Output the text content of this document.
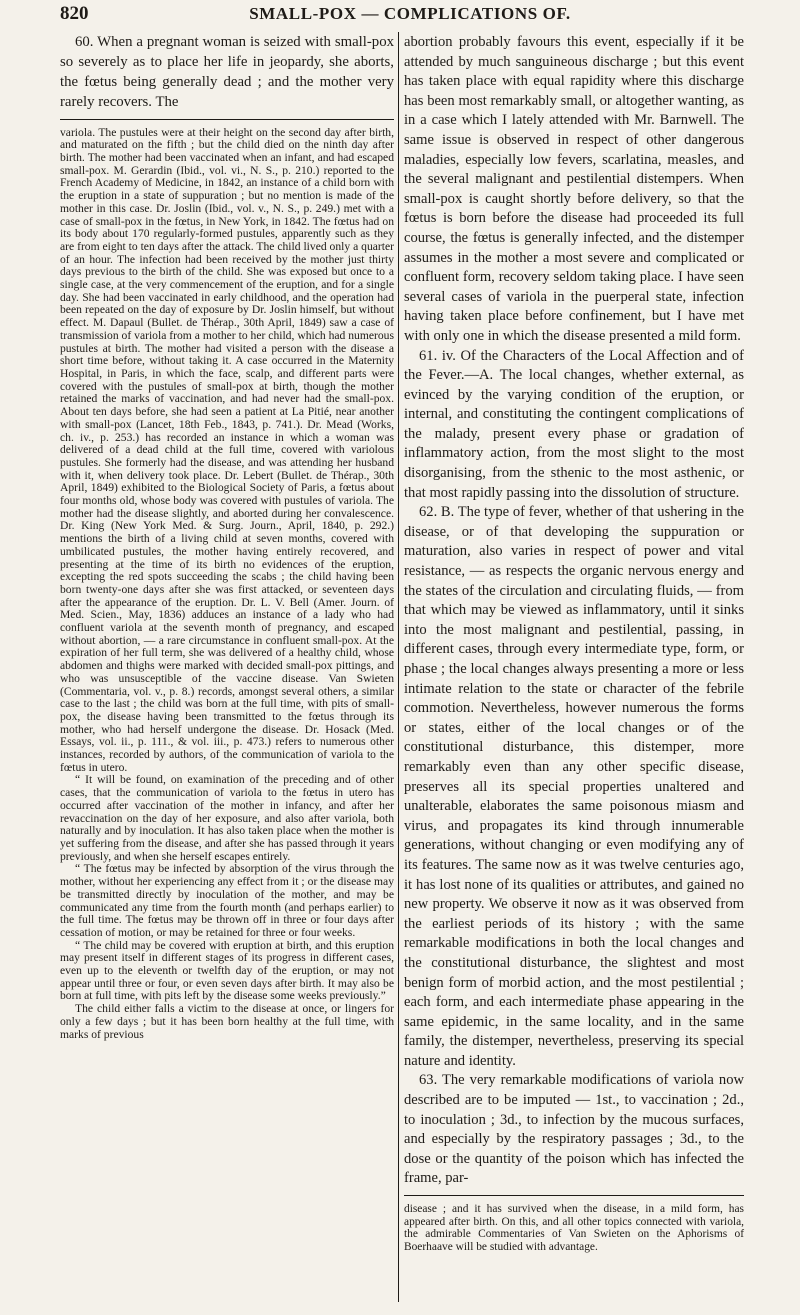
820	SMALL-POX — COMPLICATIONS OF.

60. When a pregnant woman is seized with small-pox so severely as to place her life in jeopardy, she aborts, the fœtus being generally dead ; and the mother very rarely recovers. The

variola. The pustules were at their height on the second day after birth, and maturated on the fifth ; but the child died on the ninth day after birth. The mother had been vaccinated when an infant, and had escaped small-pox. M. Gerardin (Ibid., vol. vi., N. S., p. 210.) reported to the French Academy of Medicine, in 1842, an instance of a child born with the eruption in a state of suppuration ; but no mention is made of the mother in this case. Dr. Joslin (Ibid., vol. v., N. S., p. 249.) met with a case of small-pox in the fœtus, in New York, in 1842. The fœtus had on its body about 170 regularly-formed pustules, apparently such as they are from eight to ten days after the attack. The child lived only a quarter of an hour. The infection had been received by the mother just thirty days previous to the birth of the child. She was exposed but once to a single case, at the very commencement of the eruption, and for a single day. She had been vaccinated in early childhood, and the operation had been repeated on the day of exposure by Dr. Joslin himself, but without effect. M. Dapaul (Bullet. de Thérap., 30th April, 1849) saw a case of transmission of variola from a mother to her child, which had numerous pustules at birth. The mother had visited a person with the disease a short time before, without taking it. A case occurred in the Maternity Hospital, in Paris, in which the face, scalp, and different parts were covered with the pustules of small-pox at birth, though the mother retained the marks of vaccination, and had never had the small-pox. About ten days before, she had seen a patient at La Pitié, near another with small-pox (Lancet, 18th Feb., 1843, p. 741.). Dr. Mead (Works, ch. iv., p. 253.) has recorded an instance in which a woman was delivered of a dead child at the full time, covered with variolous pustules. She formerly had the disease, and was attending her husband with it, when delivery took place. Dr. Lebert (Bullet. de Thérap., 30th April, 1849) exhibited to the Biological Society of Paris, a fœtus about four months old, whose body was covered with pustules of variola. The mother had the disease slightly, and aborted during her convalescence. Dr. King (New York Med. & Surg. Journ., April, 1840, p. 292.) mentions the birth of a living child at seven months, covered with umbilicated pustules, the mother having entirely recovered, and presenting at the time of its birth no evidences of the eruption, excepting the red spots succeeding the scabs ; the child having been born twenty-one days after she was first attacked, or seventeen days after the appearance of the eruption. Dr. L. V. Bell (Amer. Journ. of Med. Scien., May, 1836) adduces an instance of a lady who had confluent variola at the seventh month of pregnancy, and escaped without abortion, — a rare circumstance in confluent small-pox. At the expiration of her full term, she was delivered of a healthy child, whose abdomen and thighs were marked with decided small-pox pittings, and who was unsusceptible of the vaccine disease. Van Swieten (Commentaria, vol. v., p. 8.) records, amongst several others, a similar case to the last ; the child was born at the full time, with pits of small-pox, the disease having been transmitted to the fœtus through its mother, who had herself undergone the disease. Dr. Hosack (Med. Essays, vol. ii., p. 111., & vol. iii., p. 473.) refers to numerous other instances, recorded by authors, of the communication of variola to the fœtus in utero.

“ It will be found, on examination of the preceding and of other cases, that the communication of variola to the fœtus in utero has occurred after vaccination of the mother in infancy, and after her revaccination on the day of her exposure, and also after variola, both naturally and by inoculation. It has also taken place when the mother is yet suffering from the disease, and after she has passed through it years previously, and when she herself escapes entirely.

“ The fœtus may be infected by absorption of the virus through the mother, without her experiencing any effect from it ; or the disease may be transmitted directly by inoculation of the mother, and may be communicated any time from the fourth month (and perhaps earlier) to the full time. The fœtus may be thrown off in three or four days after cessation of motion, or may be retained for three or four weeks.

“ The child may be covered with eruption at birth, and this eruption may present itself in different stages of its progress in different cases, even up to the eleventh or twelfth day of the eruption, or may not appear until three or four, or even seven days after birth. It may also be born at full time, with pits left by the disease some weeks previously.”

The child either falls a victim to the disease at once, or lingers for only a few days ; but it has been born healthy at the full time, with marks of previous

abortion probably favours this event, especially if it be attended by much sanguineous discharge ; but this event has taken place with equal rapidity where this discharge has been most remarkably small, or altogether wanting, as in a case which I lately attended with Mr. Barnwell. The same issue is observed in respect of other dangerous maladies, especially low fevers, scarlatina, measles, and the several malignant and pestilential distempers. When small-pox is caught shortly before delivery, so that the fœtus is born before the disease had proceeded its full course, the fœtus is generally infected, and the distemper assumes in the mother a most severe and complicated or confluent form, recovery seldom taking place. I have seen several cases of variola in the puerperal state, infection having taken place before confinement, but I have met with only one in which the disease presented a mild form.

61. iv. Of the Characters of the Local Affection and of the Fever.—A. The local changes, whether external, as evinced by the varying condition of the eruption, or internal, and constituting the contingent complications of the malady, present every phase or gradation of inflammatory action, from the most slight to the most disorganising, from the sthenic to the most asthenic, or that most rapidly passing into the dissolution of structure.

62. B. The type of fever, whether of that ushering in the disease, or of that developing the suppuration or maturation, also varies in respect of power and vital resistance, — as respects the organic nervous energy and the states of the circulation and circulating fluids, — from that which may be viewed as inflammatory, until it sinks into the most malignant and pestilential, passing, in different cases, through every intermediate type, form, or phase ; the local changes always presenting a more or less intimate relation to the state or character of the febrile commotion. Nevertheless, however numerous the forms or states, either of the local changes or of the constitutional disturbance, this distemper, more remarkably even than any other specific disease, preserves all its special properties unaltered and unalterable, elaborates the same poisonous miasm and virus, and propagates its kind through innumerable generations, without changing or even modifying any of its features. The same now as it was twelve centuries ago, it has lost none of its qualities or attributes, and gained no new property. We observe it now as it was observed from the earliest periods of its history ; with the same remarkable modifications in both the local changes and the constitutional disturbance, the slightest and most benign form of morbid action, and the most pestilential ; each form, and each intermediate phase appearing in the same epidemic, in the same locality, and in the same family, the distemper, nevertheless, preserving its special nature and identity.

63. The very remarkable modifications of variola now described are to be imputed — 1st., to vaccination ; 2d., to inoculation ; 3d., to infection by the mucous surfaces, and especially by the respiratory passages ; 3d., to the dose or the quantity of the poison which has infected the frame, par-

disease ; and it has survived when the disease, in a mild form, has appeared after birth. On this, and all other topics connected with variola, the admirable Commentaries of Van Swieten on the Aphorisms of Boerhaave will be studied with advantage.
